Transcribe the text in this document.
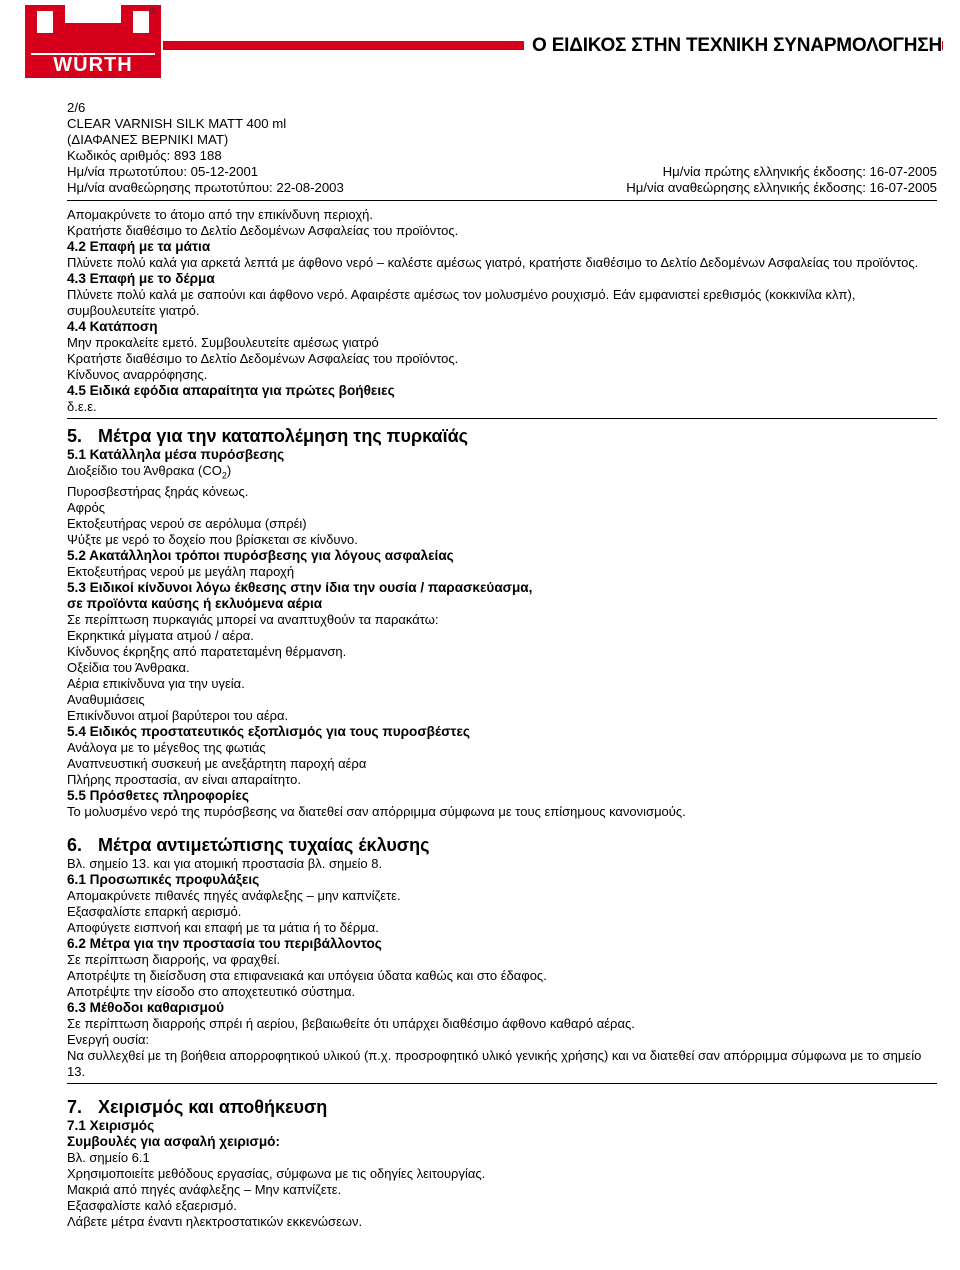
WÜRTH
®
Ο ΕΙΔΙΚΟΣ ΣΤΗΝ ΤΕΧΝΙΚΗ ΣΥΝΑΡΜΟΛΟΓΗΣΗ
2/6
CLEAR VARNISH SILK MATT 400 ml
(ΔΙΑΦΑΝΕΣ ΒΕΡΝΙΚΙ ΜΑΤ)
Κωδικός αριθμός: 893 188
Ημ/νία πρωτοτύπου: 05-12-2001	Ημ/νία πρώτης ελληνικής έκδοσης: 16-07-2005
Ημ/νία αναθεώρησης πρωτοτύπου: 22-08-2003	Ημ/νία αναθεώρησης ελληνικής έκδοσης: 16-07-2005

Απομακρύνετε το άτομο από την επικίνδυνη περιοχή.

Κρατήστε διαθέσιμο το Δελτίο Δεδομένων Ασφαλείας του προϊόντος.

4.2 Επαφή με τα μάτια

Πλύνετε πολύ καλά για αρκετά λεπτά με άφθονο νερό – καλέστε αμέσως γιατρό, κρατήστε διαθέσιμο το Δελτίο Δεδομένων Ασφαλείας του προϊόντος.

4.3 Επαφή με το δέρμα

Πλύνετε πολύ καλά με σαπούνι και άφθονο νερό. Αφαιρέστε αμέσως τον μολυσμένο ρουχισμό. Εάν εμφανιστεί ερεθισμός (κοκκινίλα κλπ), συμβουλευτείτε γιατρό.

4.4 Κατάποση

Μην προκαλείτε εμετό. Συμβουλευτείτε αμέσως γιατρό

Κρατήστε διαθέσιμο το Δελτίο Δεδομένων Ασφαλείας του προϊόντος.

Κίνδυνος αναρρόφησης.

4.5 Ειδικά εφόδια απαραίτητα για πρώτες βοήθειες

δ.ε.ε.

5. Μέτρα για την καταπολέμηση της πυρκαϊάς

5.1 Κατάλληλα μέσα πυρόσβεσης

Διοξείδιο του Άνθρακα $(CO_2)$

Πυροσβεστήρας ξηράς κόνεως.

Αφρός

Εκτοξευτήρας νερού σε αερόλυμα (σπρέι)

Ψύξτε με νερό το δοχείο που βρίσκεται σε κίνδυνο.

5.2 Ακατάλληλοι τρόποι πυρόσβεσης για λόγους ασφαλείας

Εκτοξευτήρας νερού με μεγάλη παροχή

5.3 Ειδικοί κίνδυνοι λόγω έκθεσης στην ίδια την ουσία / παρασκεύασμα,

σε προϊόντα καύσης ή εκλυόμενα αέρια

Σε περίπτωση πυρκαγιάς μπορεί να αναπτυχθούν τα παρακάτω:

Εκρηκτικά μίγματα ατμού / αέρα.

Κίνδυνος έκρηξης από παρατεταμένη θέρμανση.

Οξείδια του Άνθρακα.

Αέρια επικίνδυνα για την υγεία.

Αναθυμιάσεις

Επικίνδυνοι ατμοί βαρύτεροι του αέρα.

5.4 Ειδικός προστατευτικός εξοπλισμός για τους πυροσβέστες

Ανάλογα με το μέγεθος της φωτιάς

Αναπνευστική συσκευή με ανεξάρτητη παροχή αέρα

Πλήρης προστασία, αν είναι απαραίτητο.

5.5 Πρόσθετες πληροφορίες

Το μολυσμένο νερό της πυρόσβεσης να διατεθεί σαν απόρριμμα σύμφωνα με τους επίσημους κανονισμούς.

6. Μέτρα αντιμετώπισης τυχαίας έκλυσης

Βλ. σημείο 13. και για ατομική προστασία βλ. σημείο 8.

6.1 Προσωπικές προφυλάξεις

Απομακρύνετε πιθανές πηγές ανάφλεξης – μην καπνίζετε.

Εξασφαλίστε επαρκή αερισμό.

Αποφύγετε εισπνοή και επαφή με τα μάτια ή το δέρμα.

6.2 Μέτρα για την προστασία του περιβάλλοντος

Σε περίπτωση διαρροής, να φραχθεί.

Αποτρέψτε τη διείσδυση στα επιφανειακά και υπόγεια ύδατα καθώς και στο έδαφος.

Αποτρέψτε την είσοδο στο αποχετευτικό σύστημα.

6.3 Μέθοδοι καθαρισμού

Σε περίπτωση διαρροής σπρέι ή αερίου, βεβαιωθείτε ότι υπάρχει διαθέσιμο άφθονο καθαρό αέρας.

Ενεργή ουσία:

Να συλλεχθεί με τη βοήθεια απορροφητικού υλικού (π.χ. προσροφητικό υλικό γενικής χρήσης) και να διατεθεί σαν απόρριμμα σύμφωνα με το σημείο 13.

7. Χειρισμός και αποθήκευση

7.1 Χειρισμός

Συμβουλές για ασφαλή χειρισμό:

Βλ. σημείο 6.1

Χρησιμοποιείτε μεθόδους εργασίας, σύμφωνα με τις οδηγίες λειτουργίας.

Μακριά από πηγές ανάφλεξης – Μην καπνίζετε.

Εξασφαλίστε καλό εξαερισμό.

Λάβετε μέτρα έναντι ηλεκτροστατικών εκκενώσεων.
